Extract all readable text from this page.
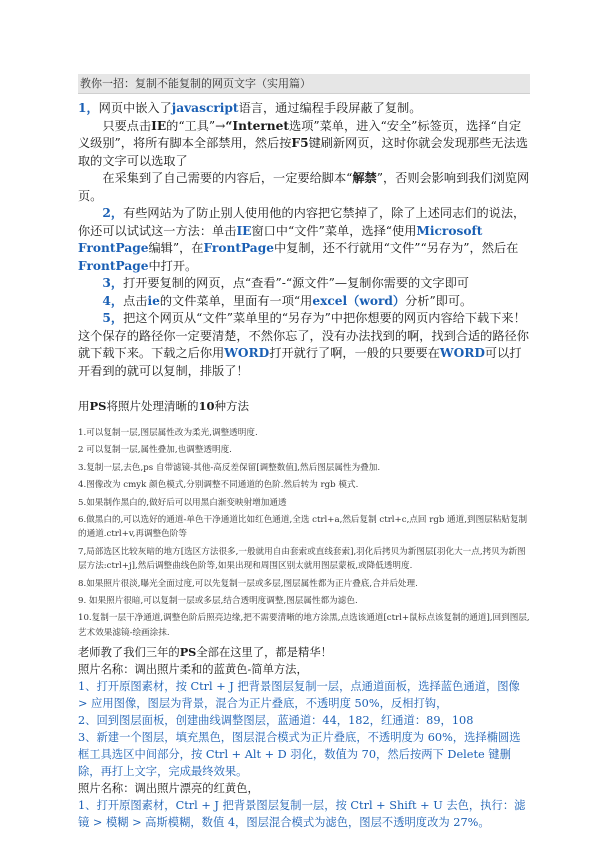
教你一招：复制不能复制的网页文字（实用篇）

1，网页中嵌入了javascript语言，通过编程手段屏蔽了复制。

只要点击IE的“工具”→“Internet选项”菜单，进入“安全”标签页，选择“自定义级别”，将所有脚本全部禁用，然后按F5键刷新网页，这时你就会发现那些无法选取的文字可以选取了

在采集到了自己需要的内容后，一定要给脚本“解禁”，否则会影响到我们浏览网页。

2，有些网站为了防止别人使用他的内容把它禁掉了，除了上述同志们的说法，你还可以试试这一方法：单击IE窗口中“文件”菜单，选择“使用Microsoft FrontPage编辑”，在FrontPage中复制，还不行就用“文件”“另存为”，然后在FrontPage中打开。

3，打开要复制的网页，点“查看”-“源文件”—复制你需要的文字即可

4，点击ie的文件菜单，里面有一项“用excel（word）分析”即可。

5，把这个网页从“文件”菜单里的“另存为”中把你想要的网页内容给下载下来！这个保存的路径你一定要清楚，不然你忘了，没有办法找到的啊，找到合适的路径你就下载下来。下载之后你用WORD打开就行了啊，一般的只要要在WORD可以打开看到的就可以复制，排版了！

用PS将照片处理清晰的10种方法

1.可以复制一层,图层属性改为柔光,调整透明度.

2 可以复制一层,属性叠加,也调整透明度.

3.复制一层,去色,ps 自带滤镜-其他-高反差保留[调整数值],然后图层属性为叠加.

4.图像改为 cmyk 颜色模式,分别调整不同通道的色阶.然后转为 rgb 模式.

5.如果制作黑白的,做好后可以用黑白渐变映射增加通透

6.做黑白的,可以选好的通道-单色干净通道比如红色通道,全选 ctrl+a,然后复制 ctrl+c,点回 rgb 通道,到图层粘贴复制的通道.ctrl+v,再调整色阶等

7,局部选区比较灰暗的地方[选区方法很多,一般就用自由套索或直线套索],羽化后拷贝为新图层[羽化大一点,拷贝为新图层方法:ctrl+j],然后调整曲线色阶等,如果出现和周围区别太就用图层蒙板,或降低透明度.

8.如果照片很淡,曝光全面过度,可以先复制一层或多层,图层属性都为正片叠底,合并后处理.

9. 如果照片很暗,可以复制一层或多层,结合透明度调整,图层属性都为滤色.

10.复制一层干净通道,调整色阶后照亮边缘,把不需要清晰的地方涂黑,点选该通道[ctrl+鼠标点该复制的通道],回到图层,艺术效果滤镜-绘画涂抹.

老师教了我们三年的PS全部在这里了，都是精华！

照片名称：调出照片柔和的蓝黄色-简单方法，

1、打开原图素材，按 Ctrl + J 把背景图层复制一层，点通道面板，选择蓝色通道，图像 > 应用图像，图层为背景，混合为正片叠底，不透明度 50%，反相打钩，

2、回到图层面板，创建曲线调整图层，蓝通道：44，182，红通道：89，108

3、新建一个图层，填充黑色，图层混合模式为正片叠底，不透明度为 60%，选择椭圆选框工具选区中间部分，按 Ctrl + Alt + D 羽化，数值为 70，然后按两下 Delete 键删除，再打上文字，完成最终效果。

照片名称：调出照片漂亮的红黄色，

1、打开原图素材，Ctrl + J 把背景图层复制一层，按 Ctrl + Shift + U 去色，执行：滤镜 > 模糊 > 高斯模糊，数值 4，图层混合模式为滤色，图层不透明度改为 27%。
